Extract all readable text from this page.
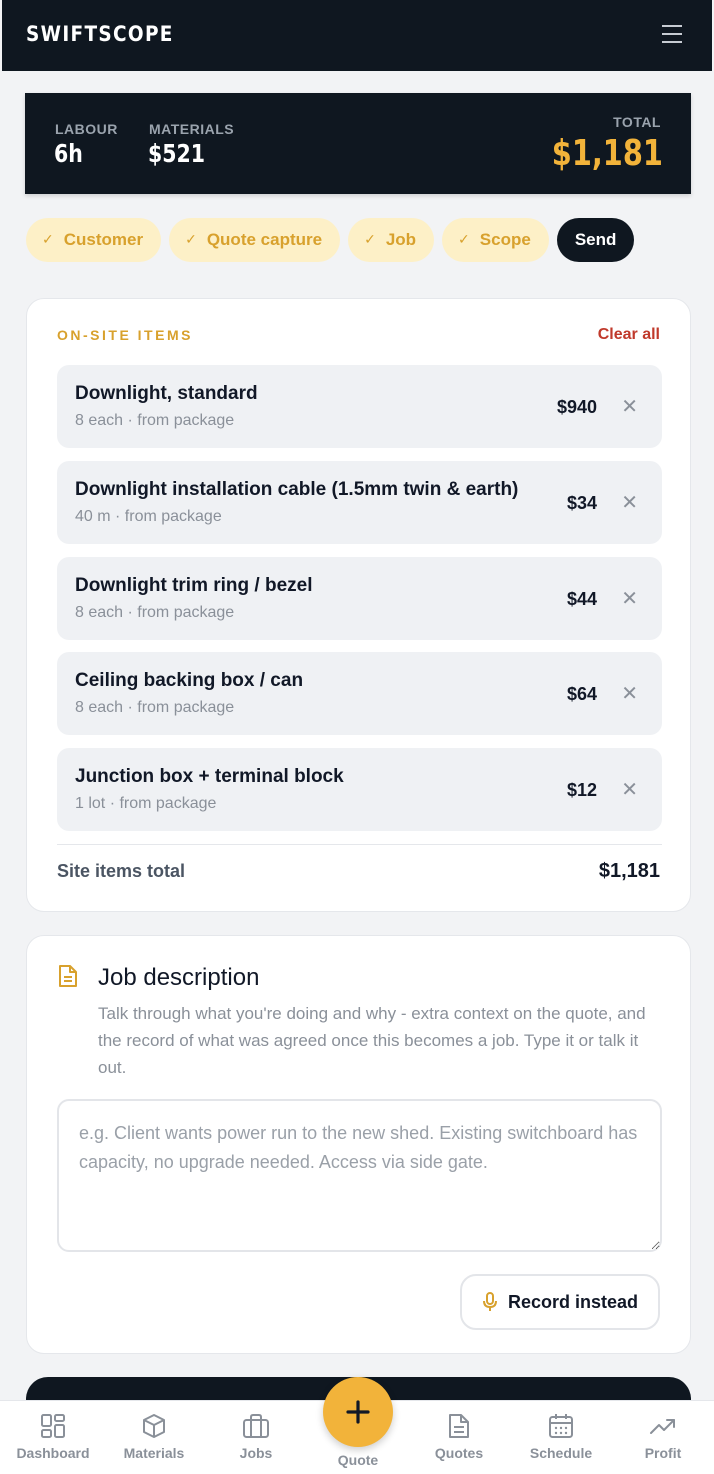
SWIFTSCOPE
LABOUR
6h
MATERIALS
$521
TOTAL
$1,181
✓ Customer	✓ Quote capture	✓ Job	✓ Scope	Send
ON-SITE ITEMS	Clear all
Downlight, standard
8 each · from package
$940 ✕
Downlight installation cable (1.5mm twin & earth)
40 m · from package
$34 ✕
Downlight trim ring / bezel
8 each · from package
$44 ✕
Ceiling backing box / can
8 each · from package
$64 ✕
Junction box + terminal block
1 lot · from package
$12 ✕
Site items total	$1,181
Job description
Talk through what you're doing and why - extra context on the quote, and the record of what was agreed once this becomes a job. Type it or talk it out.
e.g. Client wants power run to the new shed. Existing switchboard has capacity, no upgrade needed. Access via side gate.
Record instead
Dashboard	Materials	Jobs	Quotes	Schedule	Profit
Quote
